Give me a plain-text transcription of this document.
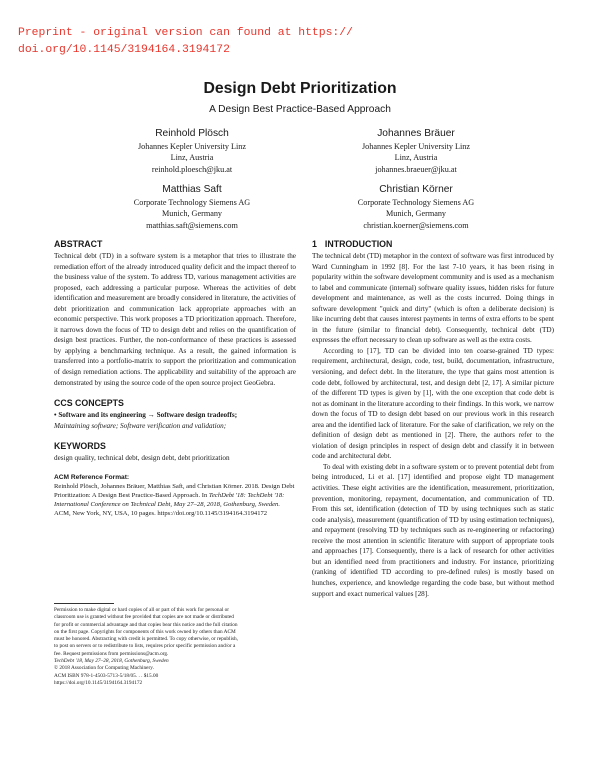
Preprint - original version can found at https://
doi.org/10.1145/3194164.3194172
Design Debt Prioritization
A Design Best Practice-Based Approach
Reinhold Plösch
Johannes Kepler University Linz
Linz, Austria
reinhold.ploesch@jku.at
Johannes Bräuer
Johannes Kepler University Linz
Linz, Austria
johannes.braeuer@jku.at
Matthias Saft
Corporate Technology Siemens AG
Munich, Germany
matthias.saft@siemens.com
Christian Körner
Corporate Technology Siemens AG
Munich, Germany
christian.koerner@siemens.com
ABSTRACT

Technical debt (TD) in a software system is a metaphor that tries to illustrate the remediation effort of the already introduced quality deficit and the impact thereof to the business value of the system. To address TD, various management activities are proposed, each addressing a particular purpose. Whereas the activities of debt identification and measurement are broadly considered in literature, the activities of debt prioritization and communication lack appropriate approaches with an economic perspective. This work proposes a TD prioritization approach. Therefore, it narrows down the focus of TD to design debt and relies on the quantification of design best practices. Further, the non-conformance of these practices is assessed by applying a benchmarking technique. As a result, the gained information is transferred into a portfolio-matrix to support the prioritization and communication of design remediation actions. The applicability and suitability of the approach are demonstrated by using the source code of the open source project GeoGebra.

CCS CONCEPTS
• Software and its engineering → Software design tradeoffs;
Maintaining software; Software verification and validation;
KEYWORDS

design quality, technical debt, design debt, debt prioritization

ACM Reference Format:

Reinhold Plösch, Johannes Bräuer, Matthias Saft, and Christian Körner. 2018. Design Debt Prioritization: A Design Best Practice-Based Approach. In TechDebt '18: TechDebt '18: International Conference on Technical Debt, May 27–28, 2018, Gothenburg, Sweden. ACM, New York, NY, USA, 10 pages. https://doi.org/10.1145/3194164.3194172

Permission to make digital or hard copies of all or part of this work for personal or
classroom use is granted without fee provided that copies are not made or distributed
for profit or commercial advantage and that copies bear this notice and the full citation
on the first page. Copyrights for components of this work owned by others than ACM
must be honored. Abstracting with credit is permitted. To copy otherwise, or republish,
to post on servers or to redistribute to lists, requires prior specific permission and/or a
fee. Request permissions from permissions@acm.org.
TechDebt '18, May 27–28, 2018, Gothenburg, Sweden
© 2018 Association for Computing Machinery.
ACM ISBN 978-1-4503-5713-5/18/05. . . $15.00
https://doi.org/10.1145/3194164.3194172
1 INTRODUCTION

The technical debt (TD) metaphor in the context of software was first introduced by Ward Cunningham in 1992 [8]. For the last 7-10 years, it has been rising in popularity within the software development community and is used as a mechanism to label and communicate (internal) software quality issues, hidden risks for future development and maintenance, as well as the costs incurred. Doing things in software development "quick and dirty" (which is often a deliberate decision) is like incurring debt that causes interest payments in terms of extra efforts to be spent in the future (similar to financial debt). Consequently, technical debt (TD) expresses the effort necessary to clean up software as well as the extra costs.

According to [17], TD can be divided into ten coarse-grained TD types: requirement, architectural, design, code, test, build, documentation, infrastructure, versioning, and defect debt. In the literature, the type that gains most attention is code debt, followed by architectural, test, and design debt [2, 17]. A similar picture of the different TD types is given by [1], with the one exception that code debt is not as dominant in the literature according to their findings. In this work, we narrow down the focus of TD to design debt based on our previous work in this research area and the identified lack of literature. For the sake of clarification, we rely on the definition of design debt as mentioned in [2]. There, the authors refer to the violation of design principles in respect of design debt and classify it in between code and architectural debt.

To deal with existing debt in a software system or to prevent potential debt from being introduced, Li et al. [17] identified and propose eight TD management activities. These eight activities are the identification, measurement, prioritization, prevention, monitoring, repayment, documentation, and communication of TD. From this set, identification (detection of TD by using techniques such as static code analysis), measurement (quantification of TD by using estimation techniques), and repayment (resolving TD by techniques such as re-engineering or refactoring) receive the most attention in scientific literature with support of appropriate tools and approaches [17]. Consequently, there is a lack of research for other activities but an identified need from practitioners and industry. For instance, prioritizing (ranking of identified TD according to pre-defined rules) is mostly based on hunches, experience, and knowledge regarding the code base, but without method support and exact numerical values [28].
